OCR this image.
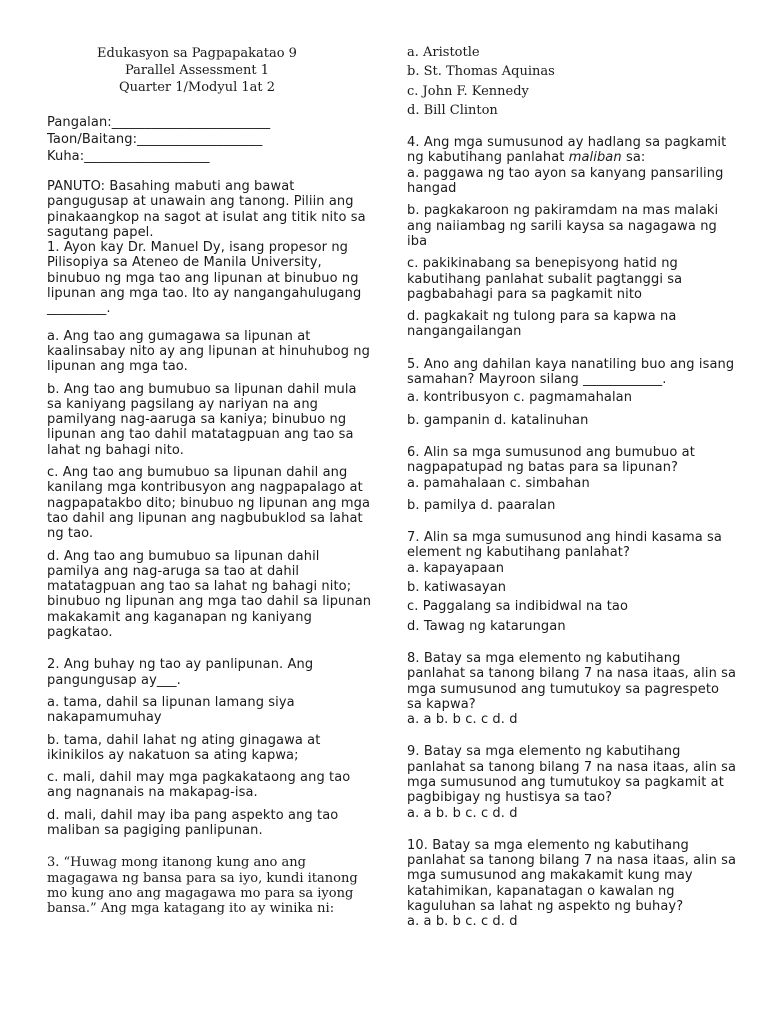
Edukasyon sa Pagpapakatao 9
Parallel Assessment 1
Quarter 1/Modyul 1at 2
Pangalan:________________________
Taon/Baitang:___________________
Kuha:___________________
PANUTO: Basahing mabuti ang bawat pangugusap at unawain ang tanong. Piliin ang pinakaangkop na sagot at isulat ang titik nito sa sagutang papel.
1. Ayon kay Dr. Manuel Dy, isang propesor ng Pilisopiya sa Ateneo de Manila University, binubuo ng mga tao ang lipunan at binubuo ng lipunan ang mga tao. Ito ay nangangahulugang _________.
a. Ang tao ang gumagawa sa lipunan at kaalinsabay nito ay ang lipunan at hinuhubog ng lipunan ang mga tao.
b. Ang tao ang bumubuo sa lipunan dahil mula sa kaniyang pagsilang ay nariyan na ang pamilyang nag-aaruga sa kaniya; binubuo ng lipunan ang tao dahil matatagpuan ang tao sa lahat ng bahagi nito.
c. Ang tao ang bumubuo sa lipunan dahil ang kanilang mga kontribusyon ang nagpapalago at nagpapatakbo dito; binubuo ng lipunan ang mga tao dahil ang lipunan ang nagbubuklod sa lahat ng tao.
d. Ang tao ang bumubuo sa lipunan dahil pamilya ang nag-aruga sa tao at dahil matatagpuan ang tao sa lahat ng bahagi nito; binubuo ng lipunan ang mga tao dahil sa lipunan makakamit ang kaganapan ng kaniyang pagkatao.
2. Ang buhay ng tao ay panlipunan. Ang pangungusap ay___.
a. tama, dahil sa lipunan lamang siya nakapamumuhay
b. tama, dahil lahat ng ating ginagawa at ikinikilos ay nakatuon sa ating kapwa;
c. mali, dahil may mga pagkakataong ang tao ang nagnanais na makapag-isa.
d. mali, dahil may iba pang aspekto ang tao maliban sa pagiging panlipunan.
3. “Huwag mong itanong kung ano ang magagawa ng bansa para sa iyo, kundi itanong mo kung ano ang magagawa mo para sa iyong bansa.” Ang mga katagang ito ay winika ni:
a. Aristotle
b. St. Thomas Aquinas
c. John F. Kennedy
d. Bill Clinton
4. Ang mga sumusunod ay hadlang sa pagkamit ng kabutihang panlahat maliban sa:
a. paggawa ng tao ayon sa kanyang pansariling hangad
b. pagkakaroon ng pakiramdam na mas malaki ang naiiambag ng sarili kaysa sa nagagawa ng iba
c. pakikinabang sa benepisyong hatid ng kabutihang panlahat subalit pagtanggi sa pagbabahagi para sa pagkamit nito
d. pagkakait ng tulong para sa kapwa na nangangailangan
5. Ano ang dahilan kaya nanatiling buo ang isang samahan? Mayroon silang ____________.
a. kontribusyon c. pagmamahalan
b. gampanin d. katalinuhan
6. Alin sa mga sumusunod ang bumubuo at nagpapatupad ng batas para sa lipunan?
a. pamahalaan c. simbahan
b. pamilya d. paaralan
7. Alin sa mga sumusunod ang hindi kasama sa element ng kabutihang panlahat?
a. kapayapaan
b. katiwasayan
c. Paggalang sa indibidwal na tao
d. Tawag ng katarungan
8. Batay sa mga elemento ng kabutihang panlahat sa tanong bilang 7 na nasa itaas, alin sa mga sumusunod ang tumutukoy sa pagrespeto sa kapwa?
a. a b. b c. c d. d
9. Batay sa mga elemento ng kabutihang panlahat sa tanong bilang 7 na nasa itaas, alin sa mga sumusunod ang tumutukoy sa pagkamit at pagbibigay ng hustisya sa tao?
a. a b. b c. c d. d
10. Batay sa mga elemento ng kabutihang panlahat sa tanong bilang 7 na nasa itaas, alin sa mga sumusunod ang makakamit kung may katahimikan, kapanatagan o kawalan ng kaguluhan sa lahat ng aspekto ng buhay?
a. a b. b c. c d. d
